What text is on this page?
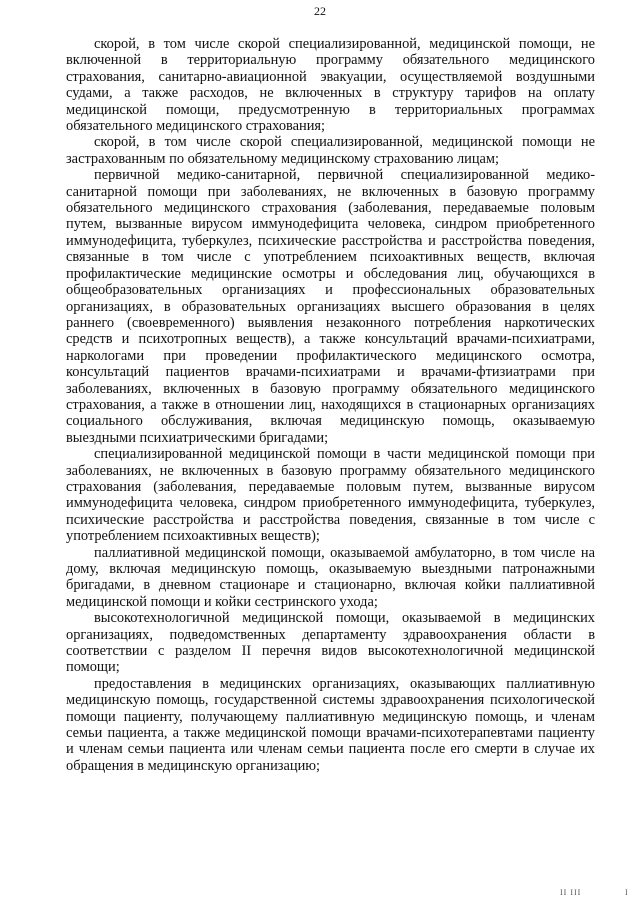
22

скорой, в том числе скорой специализированной, медицинской помощи, не включенной в территориальную программу обязательного медицинского страхования, санитарно-авиационной эвакуации, осуществляемой воздушными судами, а также расходов, не включенных в структуру тарифов на оплату медицинской помощи, предусмотренную в территориальных программах обязательного медицинского страхования;

скорой, в том числе скорой специализированной, медицинской помощи не застрахованным по обязательному медицинскому страхованию лицам;

первичной медико-санитарной, первичной специализированной медико-санитарной помощи при заболеваниях, не включенных в базовую программу обязательного медицинского страхования (заболевания, передаваемые половым путем, вызванные вирусом иммунодефицита человека, синдром приобретенного иммунодефицита, туберкулез, психические расстройства и расстройства поведения, связанные в том числе с употреблением психоактивных веществ, включая профилактические медицинские осмотры и обследования лиц, обучающихся в общеобразовательных организациях и профессиональных образовательных организациях, в образовательных организациях высшего образования в целях раннего (своевременного) выявления незаконного потребления наркотических средств и психотропных веществ), а также консультаций врачами-психиатрами, наркологами при проведении профилактического медицинского осмотра, консультаций пациентов врачами-психиатрами и врачами-фтизиатрами при заболеваниях, включенных в базовую программу обязательного медицинского страхования, а также в отношении лиц, находящихся в стационарных организациях социального обслуживания, включая медицинскую помощь, оказываемую выездными психиатрическими бригадами;

специализированной медицинской помощи в части медицинской помощи при заболеваниях, не включенных в базовую программу обязательного медицинского страхования (заболевания, передаваемые половым путем, вызванные вирусом иммунодефицита человека, синдром приобретенного иммунодефицита, туберкулез, психические расстройства и расстройства поведения, связанные в том числе с употреблением психоактивных веществ);

паллиативной медицинской помощи, оказываемой амбулаторно, в том числе на дому, включая медицинскую помощь, оказываемую выездными патронажными бригадами, в дневном стационаре и стационарно, включая койки паллиативной медицинской помощи и койки сестринского ухода;

высокотехнологичной медицинской помощи, оказываемой в медицинских организациях, подведомственных департаменту здравоохранения области в соответствии с разделом II перечня видов высокотехнологичной медицинской помощи;

предоставления в медицинских организациях, оказывающих паллиативную медицинскую помощь, государственной системы здравоохранения психологической помощи пациенту, получающему паллиативную медицинскую помощь, и членам семьи пациента, а также медицинской помощи врачами-психотерапевтами пациенту и членам семьи пациента или членам семьи пациента после его смерти в случае их обращения в медицинскую организацию;

II III	I
